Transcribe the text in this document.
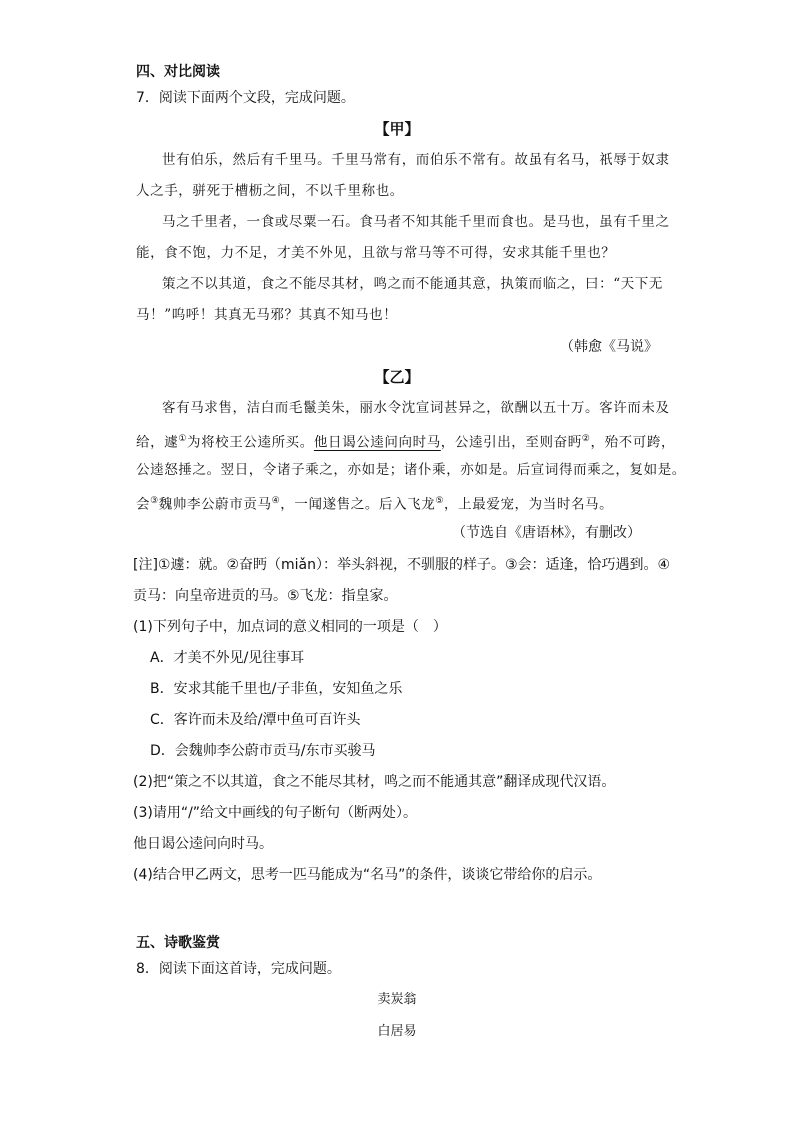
四、对比阅读
7．阅读下面两个文段，完成问题。
【甲】
世有伯乐，然后有千里马。千里马常有，而伯乐不常有。故虽有名马，祇辱于奴隶
人之手，骈死于槽枥之间，不以千里称也。
马之千里者，一食或尽粟一石。食马者不知其能千里而食也。是马也，虽有千里之
能，食不饱，力不足，才美不外见，且欲与常马等不可得，安求其能千里也？
策之不以其道，食之不能尽其材，鸣之而不能通其意，执策而临之，曰：“天下无
马！”呜呼！其真无马邪？其真不知马也！
（韩愈《马说》
【乙】
客有马求售，洁白而毛鬣美朱，丽水令沈宣词甚异之，欲酬以五十万。客许而未及
给，遽①为将校王公逵所买。他日谒公逵问向时马，公逵引出，至则奋眄②，殆不可跨，
公逵怒捶之。翌日，令诸子乘之，亦如是；诸仆乘，亦如是。后宣词得而乘之，复如是。
会③魏帅李公蔚市贡马④，一闻遂售之。后入飞龙⑤，上最爱宠，为当时名马。
（节选自《唐语林》，有删改）
[注]①遽：就。②奋眄（miǎn）：举头斜视，不驯服的样子。③会：适逢，恰巧遇到。④
贡马：向皇帝进贡的马。⑤飞龙：指皇家。
(1)下列句子中，加点词的意义相同的一项是（　）
A．才美不外见/见往事耳
B．安求其能千里也/子非鱼，安知鱼之乐
C．客许而未及给/潭中鱼可百许头
D．会魏帅李公蔚市贡马/东市买骏马
(2)把“策之不以其道，食之不能尽其材，鸣之而不能通其意”翻译成现代汉语。
(3)请用“/”给文中画线的句子断句（断两处）。
他日谒公逵问向时马。
(4)结合甲乙两文，思考一匹马能成为“名马”的条件，谈谈它带给你的启示。
五、诗歌鉴赏
8．阅读下面这首诗，完成问题。
卖炭翁
白居易
